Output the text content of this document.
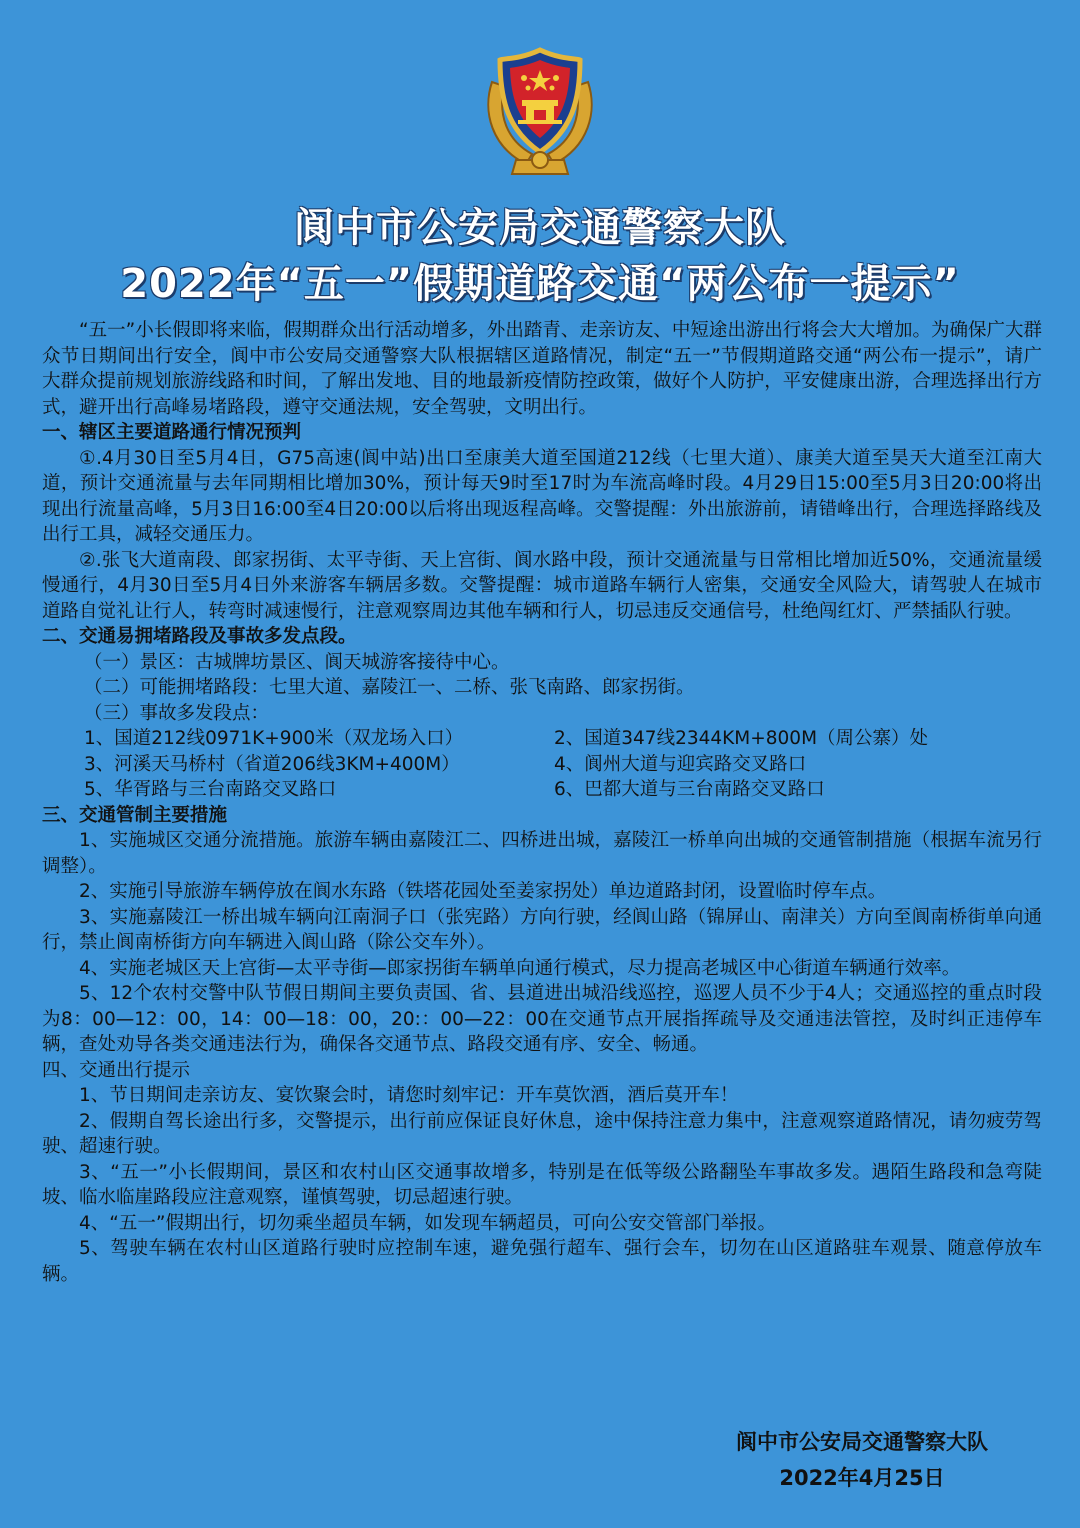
阆中市公安局交通警察大队
2022年“五一”假期道路交通“两公布一提示”

“五一”小长假即将来临，假期群众出行活动增多，外出踏青、走亲访友、中短途出游出行将会大大增加。为确保广大群众节日期间出行安全，阆中市公安局交通警察大队根据辖区道路情况，制定“五一”节假期道路交通“两公布一提示”，请广大群众提前规划旅游线路和时间，了解出发地、目的地最新疫情防控政策，做好个人防护，平安健康出游，合理选择出行方式，避开出行高峰易堵路段，遵守交通法规，安全驾驶，文明出行。

一、辖区主要道路通行情况预判

①.4月30日至5月4日，G75高速(阆中站)出口至康美大道至国道212线（七里大道）、康美大道至昊天大道至江南大道，预计交通流量与去年同期相比增加30%，预计每天9时至17时为车流高峰时段。4月29日15:00至5月3日20:00将出现出行流量高峰，5月3日16:00至4日20:00以后将出现返程高峰。交警提醒：外出旅游前，请错峰出行，合理选择路线及出行工具，减轻交通压力。

②.张飞大道南段、郎家拐街、太平寺街、天上宫街、阆水路中段，预计交通流量与日常相比增加近50%，交通流量缓慢通行，4月30日至5月4日外来游客车辆居多数。交警提醒：城市道路车辆行人密集，交通安全风险大，请驾驶人在城市道路自觉礼让行人，转弯时减速慢行，注意观察周边其他车辆和行人，切忌违反交通信号，杜绝闯红灯、严禁插队行驶。

二、交通易拥堵路段及事故多发点段。

（一）景区：古城牌坊景区、阆天城游客接待中心。

（二）可能拥堵路段：七里大道、嘉陵江一、二桥、张飞南路、郎家拐街。

（三）事故多发段点：

1、国道212线0971K+900米（双龙场入口）	2、国道347线2344KM+800M（周公寨）处
3、河溪天马桥村（省道206线3KM+400M）	4、阆州大道与迎宾路交叉路口
5、华胥路与三台南路交叉路口	6、巴都大道与三台南路交叉路口

三、交通管制主要措施

1、实施城区交通分流措施。旅游车辆由嘉陵江二、四桥进出城，嘉陵江一桥单向出城的交通管制措施（根据车流另行调整）。

2、实施引导旅游车辆停放在阆水东路（铁塔花园处至姜家拐处）单边道路封闭，设置临时停车点。

3、实施嘉陵江一桥出城车辆向江南洞子口（张宪路）方向行驶，经阆山路（锦屏山、南津关）方向至阆南桥街单向通行，禁止阆南桥街方向车辆进入阆山路（除公交车外）。

4、实施老城区天上宫街—太平寺街—郎家拐街车辆单向通行模式，尽力提高老城区中心街道车辆通行效率。

5、12个农村交警中队节假日期间主要负责国、省、县道进出城沿线巡控，巡逻人员不少于4人；交通巡控的重点时段为8：00—12：00，14：00—18：00，20:：00—22：00在交通节点开展指挥疏导及交通违法管控，及时纠正违停车辆，查处劝导各类交通违法行为，确保各交通节点、路段交通有序、安全、畅通。

四、交通出行提示

1、节日期间走亲访友、宴饮聚会时，请您时刻牢记：开车莫饮酒，酒后莫开车！

2、假期自驾长途出行多，交警提示，出行前应保证良好休息，途中保持注意力集中，注意观察道路情况，请勿疲劳驾驶、超速行驶。

3、“五一”小长假期间，景区和农村山区交通事故增多，特别是在低等级公路翻坠车事故多发。遇陌生路段和急弯陡坡、临水临崖路段应注意观察，谨慎驾驶，切忌超速行驶。

4、“五一”假期出行，切勿乘坐超员车辆，如发现车辆超员，可向公安交管部门举报。

5、驾驶车辆在农村山区道路行驶时应控制车速，避免强行超车、强行会车，切勿在山区道路驻车观景、随意停放车辆。

阆中市公安局交通警察大队
2022年4月25日
